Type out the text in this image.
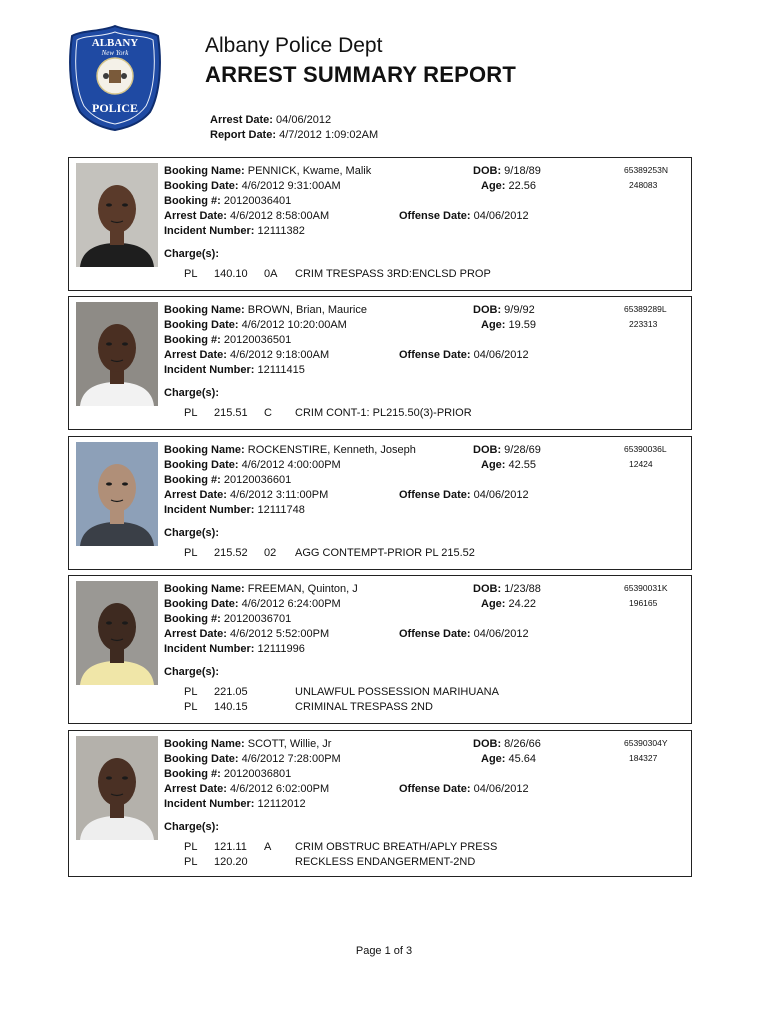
ALBANY
New York
POLICE
Albany Police Dept
ARREST SUMMARY REPORT
Arrest Date: 04/06/2012
Report Date: 4/7/2012 1:09:02AM
Booking Name: PENNICK, Kwame, Malik
Booking Date: 4/6/2012 9:31:00AM
Booking #: 20120036401
Arrest Date: 4/6/2012 8:58:00AM
Incident Number: 12111382
DOB: 9/18/89
Age: 22.56
Offense Date: 04/06/2012
65389253N
248083
Charge(s):
PL 140.10 0A CRIM TRESPASS 3RD:ENCLSD PROP
Booking Name: BROWN, Brian, Maurice
Booking Date: 4/6/2012 10:20:00AM
Booking #: 20120036501
Arrest Date: 4/6/2012 9:18:00AM
Incident Number: 12111415
DOB: 9/9/92
Age: 19.59
Offense Date: 04/06/2012
65389289L
223313
Charge(s):
PL 215.51 C CRIM CONT-1: PL215.50(3)-PRIOR
Booking Name: ROCKENSTIRE, Kenneth, Joseph
Booking Date: 4/6/2012 4:00:00PM
Booking #: 20120036601
Arrest Date: 4/6/2012 3:11:00PM
Incident Number: 12111748
DOB: 9/28/69
Age: 42.55
Offense Date: 04/06/2012
65390036L
12424
Charge(s):
PL 215.52 02 AGG CONTEMPT-PRIOR PL 215.52
Booking Name: FREEMAN, Quinton, J
Booking Date: 4/6/2012 6:24:00PM
Booking #: 20120036701
Arrest Date: 4/6/2012 5:52:00PM
Incident Number: 12111996
DOB: 1/23/88
Age: 24.22
Offense Date: 04/06/2012
65390031K
196165
Charge(s):
PL 221.05	UNLAWFUL POSSESSION MARIHUANA
PL 140.15	CRIMINAL TRESPASS 2ND
Booking Name: SCOTT, Willie, Jr
Booking Date: 4/6/2012 7:28:00PM
Booking #: 20120036801
Arrest Date: 4/6/2012 6:02:00PM
Incident Number: 12112012
DOB: 8/26/66
Age: 45.64
Offense Date: 04/06/2012
65390304Y
184327
Charge(s):
PL 121.11 A CRIM OBSTRUC BREATH/APLY PRESS
PL 120.20	RECKLESS ENDANGERMENT-2ND
Page 1 of 3
